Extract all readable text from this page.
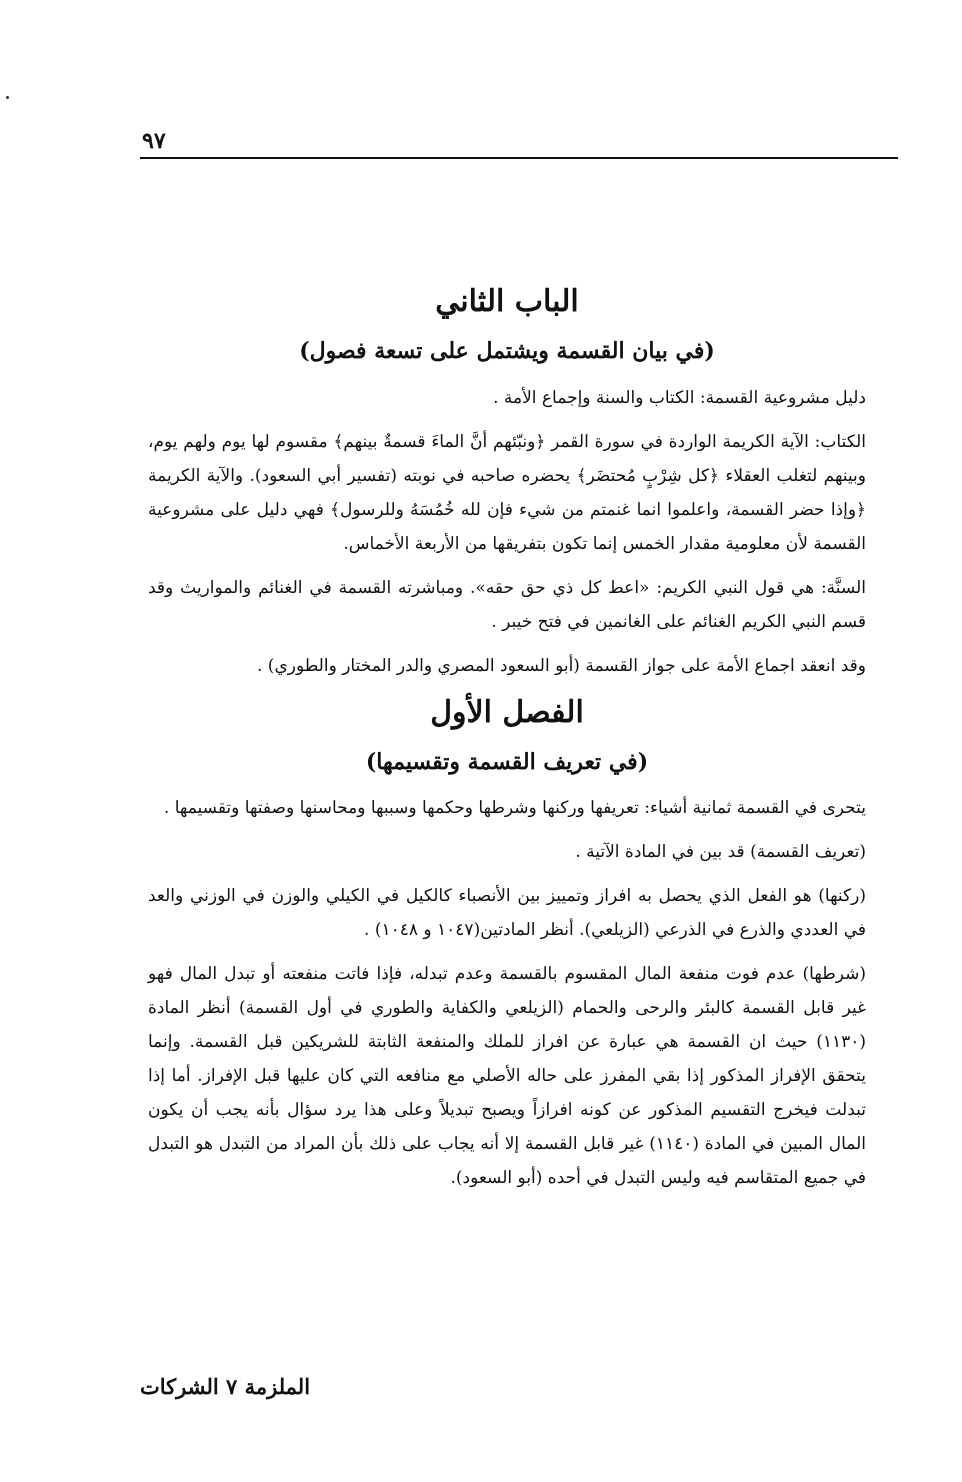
٩٧
الباب الثاني
(في بيان القسمة ويشتمل على تسعة فصول)

دليل مشروعية القسمة: الكتاب والسنة وإجماع الأمة .

الكتاب: الآية الكريمة الواردة في سورة القمر ﴿ونبّئهم أنَّ الماءَ قسمةٌ بينهم﴾ مقسوم لها يوم ولهم يوم، وبينهم لتغلب العقلاء ﴿كل شِرْبٍ مُحتضَر﴾ يحضره صاحبه في نوبته (تفسير أبي السعود). والآية الكريمة ﴿وإذا حضر القسمة، واعلموا انما غنمتم من شيء فإن لله خُمُسَهُ وللرسول﴾ فهي دليل على مشروعية القسمة لأن معلومية مقدار الخمس إنما تكون بتفريقها من الأربعة الأخماس.

السنَّة: هي قول النبي الكريم: «اعط كل ذي حق حقه». ومباشرته القسمة في الغنائم والمواريث وقد قسم النبي الكريم الغنائم على الغانمين في فتح خيبر .

وقد انعقد اجماع الأمة على جواز القسمة (أبو السعود المصري والدر المختار والطوري) .

الفصل الأول
(في تعريف القسمة وتقسيمها)

يتحرى في القسمة ثمانية أشياء: تعريفها وركنها وشرطها وحكمها وسببها ومحاسنها وصفتها وتقسيمها .

(تعريف القسمة) قد بين في المادة الآتية .

(ركنها) هو الفعل الذي يحصل به افراز وتمييز بين الأنصباء كالكيل في الكيلي والوزن في الوزني والعد في العددي والذرع في الذرعي (الزيلعي). أنظر المادتين(١٠٤٧ و ١٠٤٨) .

(شرطها) عدم فوت منفعة المال المقسوم بالقسمة وعدم تبدله، فإذا فاتت منفعته أو تبدل المال فهو غير قابل القسمة كالبئر والرحى والحمام (الزيلعي والكفاية والطوري في أول القسمة) أنظر المادة (١١٣٠) حيث ان القسمة هي عبارة عن افراز للملك والمنفعة الثابتة للشريكين قبل القسمة. وإنما يتحقق الإفراز المذكور إذا بقي المفرز على حاله الأصلي مع منافعه التي كان عليها قبل الإفراز. أما إذا تبدلت فيخرج التقسيم المذكور عن كونه افرازاً ويصبح تبديلاً وعلى هذا يرد سؤال بأنه يجب أن يكون المال المبين في المادة (١١٤٠) غير قابل القسمة إلا أنه يجاب على ذلك بأن المراد من التبدل هو التبدل في جميع المتقاسم فيه وليس التبدل في أحده (أبو السعود).

الملزمة ٧ الشركات
